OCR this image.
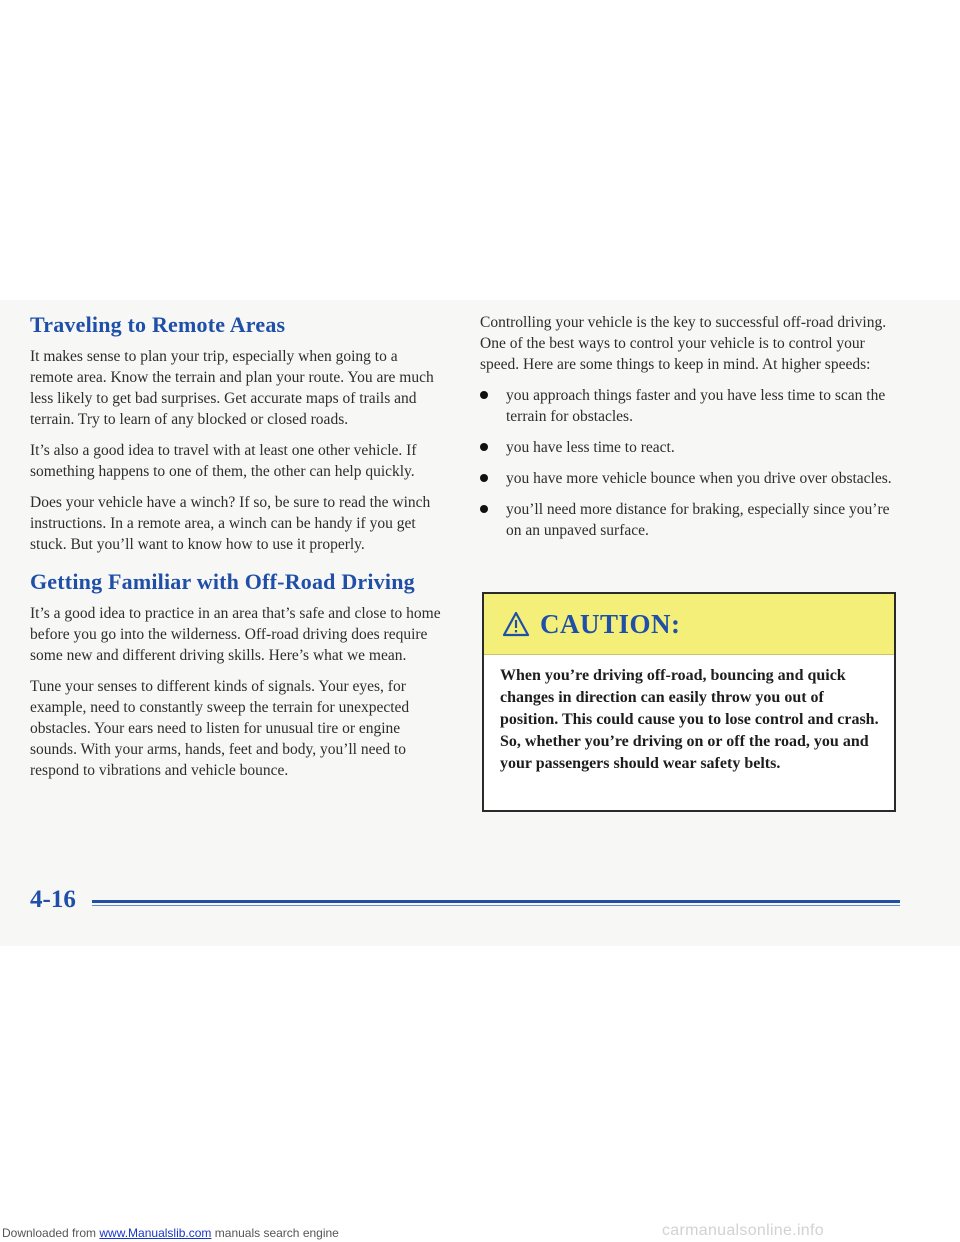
Traveling to Remote Areas

It makes sense to plan your trip, especially when going to a remote area. Know the terrain and plan your route. You are much less likely to get bad surprises. Get accurate maps of trails and terrain. Try to learn of any blocked or closed roads.

It’s also a good idea to travel with at least one other vehicle. If something happens to one of them, the other can help quickly.

Does your vehicle have a winch? If so, be sure to read the winch instructions. In a remote area, a winch can be handy if you get stuck. But you’ll want to know how to use it properly.

Getting Familiar with Off-Road Driving

It’s a good idea to practice in an area that’s safe and close to home before you go into the wilderness. Off-road driving does require some new and different driving skills. Here’s what we mean.

Tune your senses to different kinds of signals. Your eyes, for example, need to constantly sweep the terrain for unexpected obstacles. Your ears need to listen for unusual tire or engine sounds. With your arms, hands, feet and body, you’ll need to respond to vibrations and vehicle bounce.

Controlling your vehicle is the key to successful off-road driving. One of the best ways to control your vehicle is to control your speed. Here are some things to keep in mind. At higher speeds:

you approach things faster and you have less time to scan the terrain for obstacles.
you have less time to react.
you have more vehicle bounce when you drive over obstacles.
you’ll need more distance for braking, especially since you’re on an unpaved surface.
CAUTION:
When you’re driving off-road, bouncing and quick changes in direction can easily throw you out of position. This could cause you to lose control and crash. So, whether you’re driving on or off the road, you and your passengers should wear safety belts.
4-16
Downloaded from www.Manualslib.com manuals search engine	carmanualsonline.info
